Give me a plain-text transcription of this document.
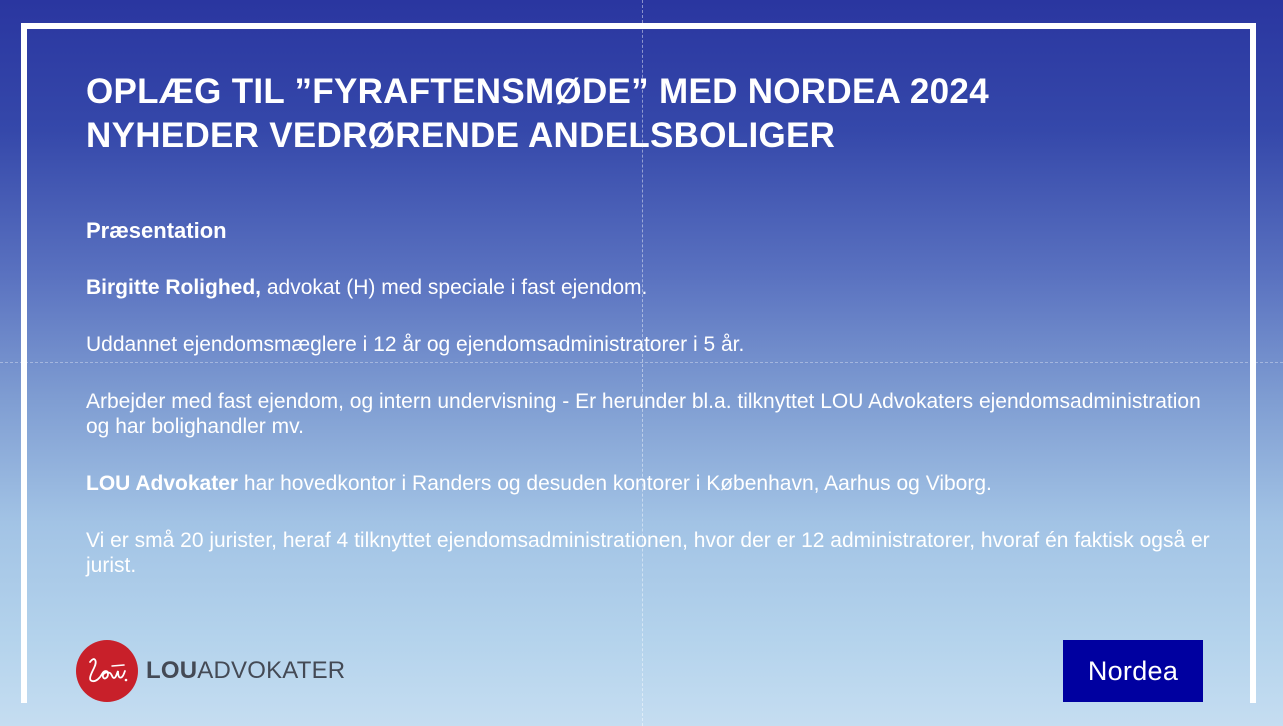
OPLÆG TIL ”FYRAFTENSMØDE” MED NORDEA 2024
NYHEDER VEDRØRENDE ANDELSBOLIGER

Præsentation

Birgitte Rolighed, advokat (H) med speciale i fast ejendom.

Uddannet ejendomsmæglere i 12 år og ejendomsadministratorer i 5 år.

Arbejder med fast ejendom, og intern undervisning - Er herunder bl.a. tilknyttet LOU Advokaters ejendomsadministration og har bolighandler mv.

LOU Advokater har hovedkontor i Randers og desuden kontorer i København, Aarhus og Viborg.

Vi er små 20 jurister, heraf 4 tilknyttet ejendomsadministrationen, hvor der er 12 administratorer, hvoraf én faktisk også er jurist.

LOUADVOKATER	Nordea
